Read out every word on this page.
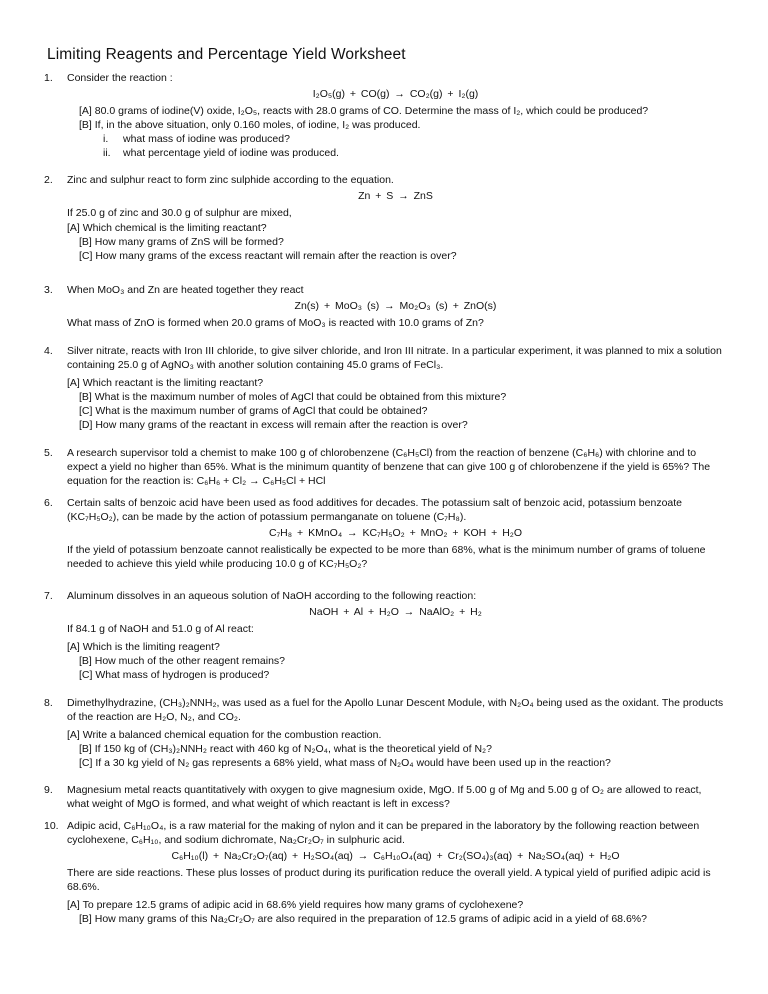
Limiting Reagents and Percentage Yield Worksheet
1.	Consider the reaction :
I₂O₅(g) + CO(g) → CO₂(g) + I₂(g)
[A] 80.0 grams of iodine(V) oxide, I₂O₅, reacts with 28.0 grams of CO. Determine the mass of I₂, which could be produced?
[B] If, in the above situation, only 0.160 moles, of iodine, I₂ was produced.
i. what mass of iodine was produced?
ii. what percentage yield of iodine was produced.
2.	Zinc and sulphur react to form zinc sulphide according to the equation.
Zn + S → ZnS
If 25.0 g of zinc and 30.0 g of sulphur are mixed,
[A] Which chemical is the limiting reactant?
[B] How many grams of ZnS will be formed?
[C] How many grams of the excess reactant will remain after the reaction is over?
3.	When MoO₃ and Zn are heated together they react
Zn(s) + MoO₃ (s) → Mo₂O₃ (s) + ZnO(s)
What mass of ZnO is formed when 20.0 grams of MoO₃ is reacted with 10.0 grams of Zn?
4.	Silver nitrate, reacts with Iron III chloride, to give silver chloride, and Iron III nitrate. In a particular experiment, it was planned to mix a solution containing 25.0 g of AgNO₃ with another solution containing 45.0 grams of FeCl₃.
[A] Which reactant is the limiting reactant?
[B] What is the maximum number of moles of AgCl that could be obtained from this mixture?
[C] What is the maximum number of grams of AgCl that could be obtained?
[D] How many grams of the reactant in excess will remain after the reaction is over?
5.	A research supervisor told a chemist to make 100 g of chlorobenzene (C₆H₅Cl) from the reaction of benzene (C₆H₆) with chlorine and to expect a yield no higher than 65%. What is the minimum quantity of benzene that can give 100 g of chlorobenzene if the yield is 65%? The equation for the reaction is: C₆H₆ + Cl₂ → C₆H₅Cl + HCl
6.	Certain salts of benzoic acid have been used as food additives for decades. The potassium salt of benzoic acid, potassium benzoate (KC₇H₅O₂), can be made by the action of potassium permanganate on toluene (C₇H₈).
C₇H₈ + KMnO₄ → KC₇H₅O₂ + MnO₂ + KOH + H₂O
If the yield of potassium benzoate cannot realistically be expected to be more than 68%, what is the minimum number of grams of toluene needed to achieve this yield while producing 10.0 g of KC₇H₅O₂?
7.	Aluminum dissolves in an aqueous solution of NaOH according to the following reaction:
NaOH + Al + H₂O → NaAlO₂ + H₂
If 84.1 g of NaOH and 51.0 g of Al react:
[A] Which is the limiting reagent?
[B] How much of the other reagent remains?
[C] What mass of hydrogen is produced?
8.	Dimethylhydrazine, (CH₃)₂NNH₂, was used as a fuel for the Apollo Lunar Descent Module, with N₂O₄ being used as the oxidant. The products of the reaction are H₂O, N₂, and CO₂.
[A] Write a balanced chemical equation for the combustion reaction.
[B] If 150 kg of (CH₃)₂NNH₂ react with 460 kg of N₂O₄, what is the theoretical yield of N₂?
[C] If a 30 kg yield of N₂ gas represents a 68% yield, what mass of N₂O₄ would have been used up in the reaction?
9.	Magnesium metal reacts quantitatively with oxygen to give magnesium oxide, MgO. If 5.00 g of Mg and 5.00 g of O₂ are allowed to react, what weight of MgO is formed, and what weight of which reactant is left in excess?
10. Adipic acid, C₆H₁₀O₄, is a raw material for the making of nylon and it can be prepared in the laboratory by the following reaction between cyclohexene, C₆H₁₀, and sodium dichromate, Na₂Cr₂O₇ in sulphuric acid.
C₆H₁₀(l) + Na₂Cr₂O₇(aq) + H₂SO₄(aq) → C₆H₁₀O₄(aq) + Cr₂(SO₄)₃(aq) + Na₂SO₄(aq) + H₂O
There are side reactions. These plus losses of product during its purification reduce the overall yield. A typical yield of purified adipic acid is 68.6%.
[A] To prepare 12.5 grams of adipic acid in 68.6% yield requires how many grams of cyclohexene?
[B] How many grams of this Na₂Cr₂O₇ are also required in the preparation of 12.5 grams of adipic acid in a yield of 68.6%?
